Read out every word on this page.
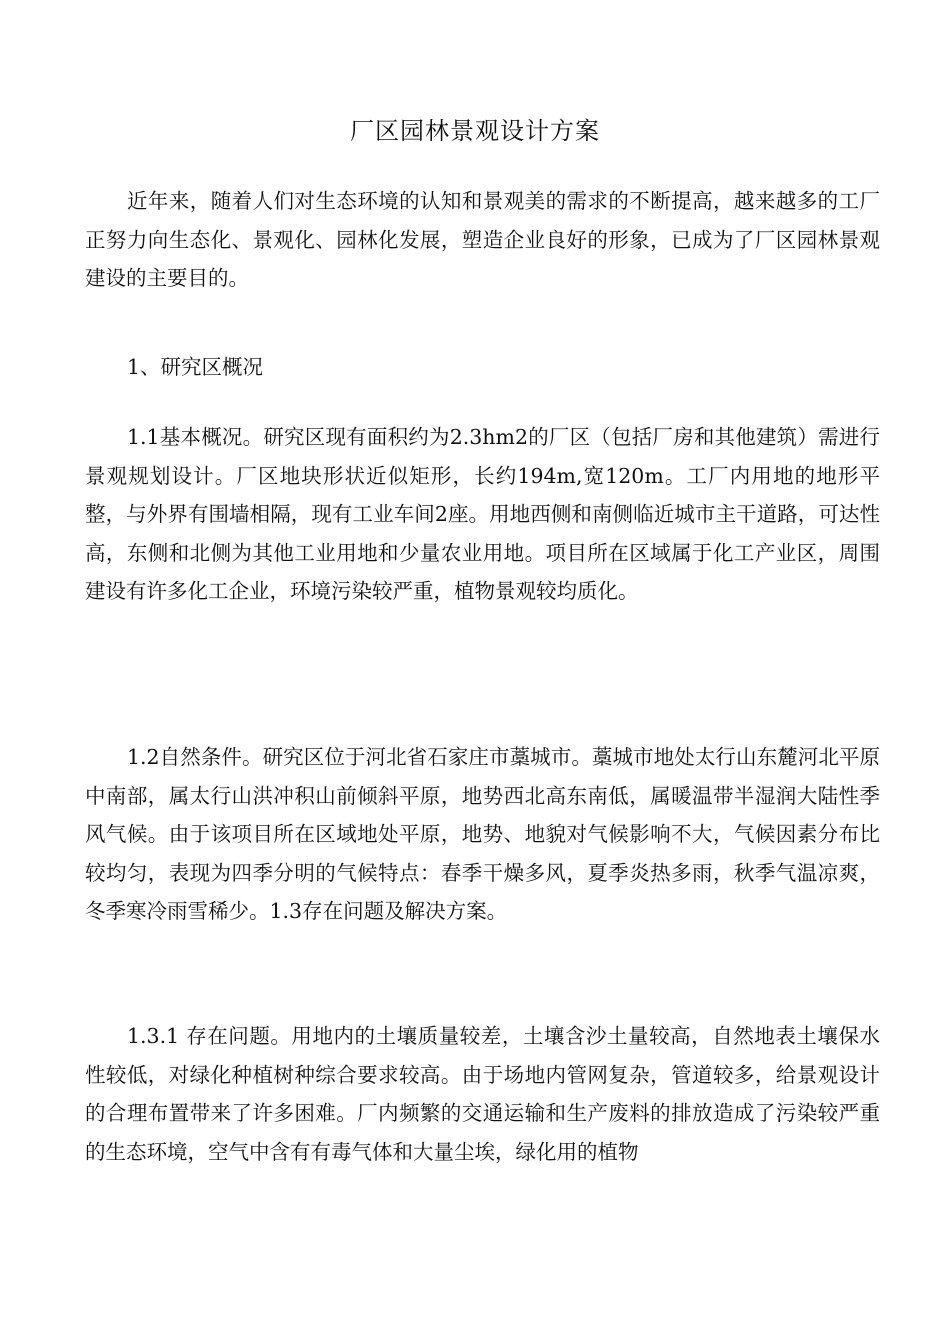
厂区园林景观设计方案

近年来，随着人们对生态环境的认知和景观美的需求的不断提高，越来越多的工厂正努力向生态化、景观化、园林化发展，塑造企业良好的形象，已成为了厂区园林景观建设的主要目的。

1、研究区概况

1.1基本概况。研究区现有面积约为2.3hm2的厂区（包括厂房和其他建筑）需进行景观规划设计。厂区地块形状近似矩形，长约194m,宽120m。工厂内用地的地形平整，与外界有围墙相隔，现有工业车间2座。用地西侧和南侧临近城市主干道路，可达性高，东侧和北侧为其他工业用地和少量农业用地。项目所在区域属于化工产业区，周围建设有许多化工企业，环境污染较严重，植物景观较均质化。

1.2自然条件。研究区位于河北省石家庄市藁城市。藁城市地处太行山东麓河北平原中南部，属太行山洪冲积山前倾斜平原，地势西北高东南低，属暖温带半湿润大陆性季风气候。由于该项目所在区域地处平原，地势、地貌对气候影响不大，气候因素分布比较均匀，表现为四季分明的气候特点：春季干燥多风，夏季炎热多雨，秋季气温凉爽，冬季寒冷雨雪稀少。1.3存在问题及解决方案。

1.3.1 存在问题。用地内的土壤质量较差，土壤含沙土量较高，自然地表土壤保水性较低，对绿化种植树种综合要求较高。由于场地内管网复杂，管道较多，给景观设计的合理布置带来了许多困难。厂内频繁的交通运输和生产废料的排放造成了污染较严重的生态环境，空气中含有有毒气体和大量尘埃，绿化用的植物
